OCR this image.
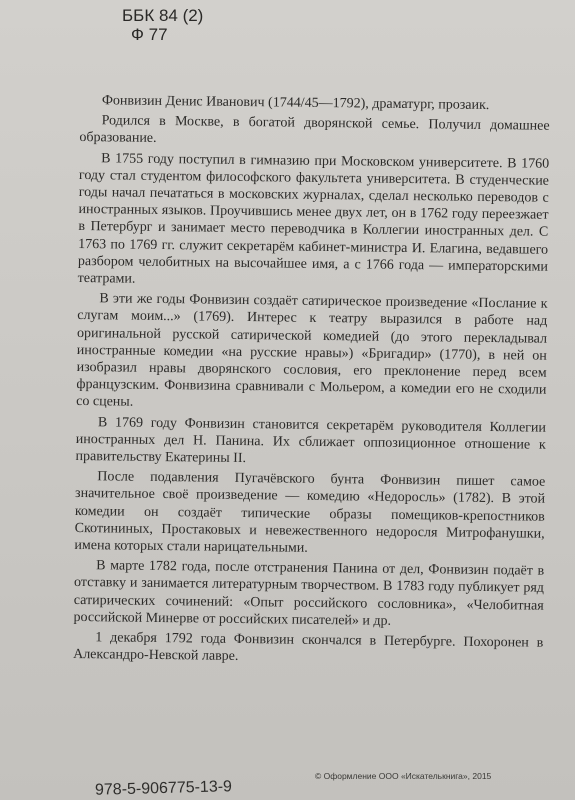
ББК 84 (2)
Ф 77

Фонвизин Денис Иванович (1744/45—1792), драматург, прозаик.

Родился в Москве, в богатой дворянской семье. Получил домашнее образование.

В 1755 году поступил в гимназию при Московском университете. В 1760 году стал студентом философского факультета университета. В студенческие годы начал печататься в московских журналах, сделал несколько переводов с иностранных языков. Проучившись менее двух лет, он в 1762 году переезжает в Петербург и занимает место переводчика в Коллегии иностранных дел. С 1763 по 1769 гг. служит секретарём кабинет-министра И. Елагина, ведавшего разбором челобитных на высочайшее имя, а с 1766 года — императорскими театрами.

В эти же годы Фонвизин создаёт сатирическое произведение «Послание к слугам моим...» (1769). Интерес к театру выразился в работе над оригинальной русской сатирической комедией (до этого перекладывал иностранные комедии «на русские нравы») «Бригадир» (1770), в ней он изобразил нравы дворянского сословия, его преклонение перед всем французским. Фонвизина сравнивали с Мольером, а комедии его не сходили со сцены.

В 1769 году Фонвизин становится секретарём руководителя Коллегии иностранных дел Н. Панина. Их сближает оппозиционное отношение к правительству Екатерины II.

После подавления Пугачёвского бунта Фонвизин пишет самое значительное своё произведение — комедию «Недоросль» (1782). В этой комедии он создаёт типические образы помещиков-крепостников Скотининых, Простаковых и невежественного недоросля Митрофанушки, имена которых стали нарицательными.

В марте 1782 года, после отстранения Панина от дел, Фонвизин подаёт в отставку и занимается литературным творчеством. В 1783 году публикует ряд сатирических сочинений: «Опыт российского сословника», «Челобитная российской Минерве от российских писателей» и др.

1 декабря 1792 года Фонвизин скончался в Петербурге. Похоронен в Александро-Невской лавре.

© Оформление ООО «Искателькнига», 2015
978-5-906775-13-9
